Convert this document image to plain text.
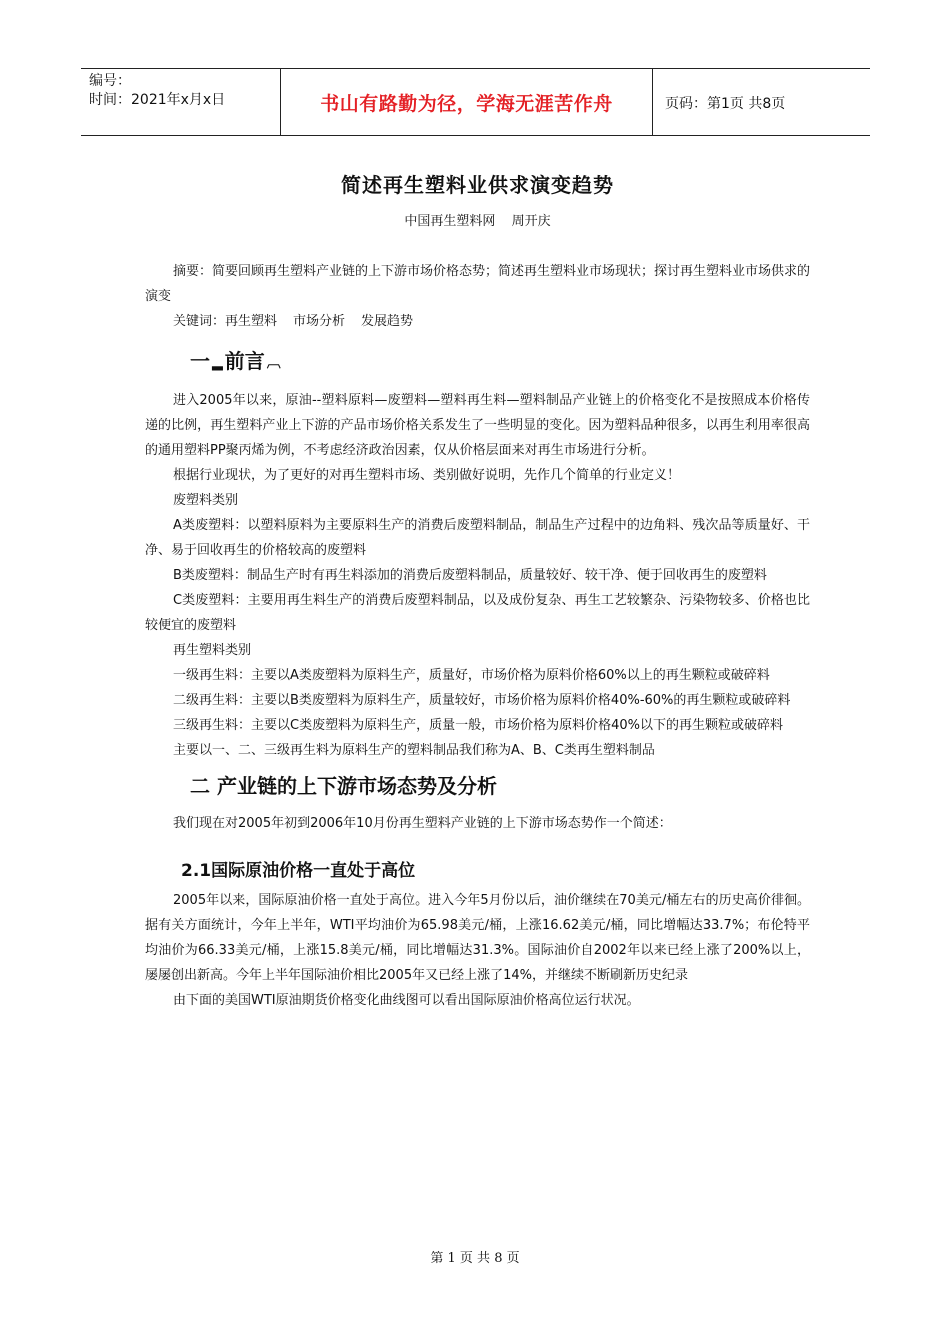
编号：
时间：2021年x月x日	书山有路勤为径，学海无涯苦作舟	页码：第1页 共8页
简述再生塑料业供求演变趋势
中国再生塑料网 周开庆

摘要：简要回顾再生塑料产业链的上下游市场价格态势；简述再生塑料业市场现状；探讨再生塑料业市场供求的演变

关键词：再生塑料 市场分析 发展趋势

一 ▂ 前言 ︹

进入2005年以来，原油--塑料原料—废塑料—塑料再生料—塑料制品产业链上的价格变化不是按照成本价格传递的比例，再生塑料产业上下游的产品市场价格关系发生了一些明显的变化。因为塑料品种很多，以再生利用率很高的通用塑料PP聚丙烯为例，不考虑经济政治因素，仅从价格层面来对再生市场进行分析。

根据行业现状，为了更好的对再生塑料市场、类别做好说明，先作几个简单的行业定义！

废塑料类别

A类废塑料：以塑料原料为主要原料生产的消费后废塑料制品，制品生产过程中的边角料、残次品等质量好、干净、易于回收再生的价格较高的废塑料

B类废塑料：制品生产时有再生料添加的消费后废塑料制品，质量较好、较干净、便于回收再生的废塑料

C类废塑料：主要用再生料生产的消费后废塑料制品，以及成份复杂、再生工艺较繁杂、污染物较多、价格也比较便宜的废塑料

再生塑料类别

一级再生料：主要以A类废塑料为原料生产，质量好，市场价格为原料价格60%以上的再生颗粒或破碎料

二级再生料：主要以B类废塑料为原料生产，质量较好，市场价格为原料价格40%-60%的再生颗粒或破碎料

三级再生料：主要以C类废塑料为原料生产，质量一般，市场价格为原料价格40%以下的再生颗粒或破碎料

主要以一、二、三级再生料为原料生产的塑料制品我们称为A、B、C类再生塑料制品

二 产业链的上下游市场态势及分析

我们现在对2005年初到2006年10月份再生塑料产业链的上下游市场态势作一个简述：

2.1国际原油价格一直处于高位

2005年以来，国际原油价格一直处于高位。进入今年5月份以后，油价继续在70美元/桶左右的历史高价徘徊。据有关方面统计，今年上半年，WTI平均油价为65.98美元/桶，上涨16.62美元/桶，同比增幅达33.7%；布伦特平均油价为66.33美元/桶，上涨15.8美元/桶，同比增幅达31.3%。国际油价自2002年以来已经上涨了200%以上，屡屡创出新高。今年上半年国际油价相比2005年又已经上涨了14%，并继续不断刷新历史纪录

由下面的美国WTI原油期货价格变化曲线图可以看出国际原油价格高位运行状况。

第 1 页 共 8 页
